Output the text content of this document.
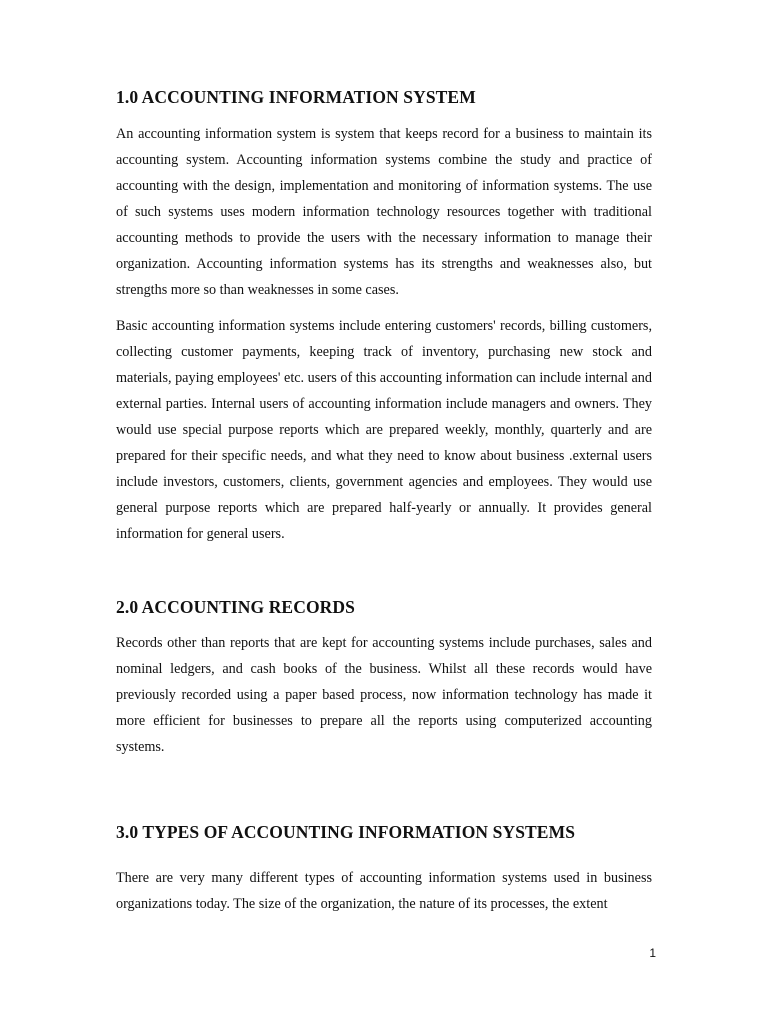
1.0 ACCOUNTING INFORMATION SYSTEM

An accounting information system is system that keeps record for a business to maintain its accounting system. Accounting information systems combine the study and practice of accounting with the design, implementation and monitoring of information systems. The use of such systems uses modern information technology resources together with traditional accounting methods to provide the users with the necessary information to manage their organization. Accounting information systems has its strengths and weaknesses also, but strengths more so than weaknesses in some cases.

Basic accounting information systems include entering customers' records, billing customers, collecting customer payments, keeping track of inventory, purchasing new stock and materials, paying employees' etc. users of this accounting information can include internal and external parties. Internal users of accounting information include managers and owners. They would use special purpose reports which are prepared weekly, monthly, quarterly and are prepared for their specific needs, and what they need to know about business .external users include investors, customers, clients, government agencies and employees. They would use general purpose reports which are prepared half-yearly or annually. It provides general information for general users.

2.0 ACCOUNTING RECORDS

Records other than reports that are kept for accounting systems include purchases, sales and nominal ledgers, and cash books of the business. Whilst all these records would have previously recorded using a paper based process, now information technology has made it more efficient for businesses to prepare all the reports using computerized accounting systems.

3.0 TYPES OF ACCOUNTING INFORMATION SYSTEMS

There are very many different types of accounting information systems used in business organizations today. The size of the organization, the nature of its processes, the extent

1
